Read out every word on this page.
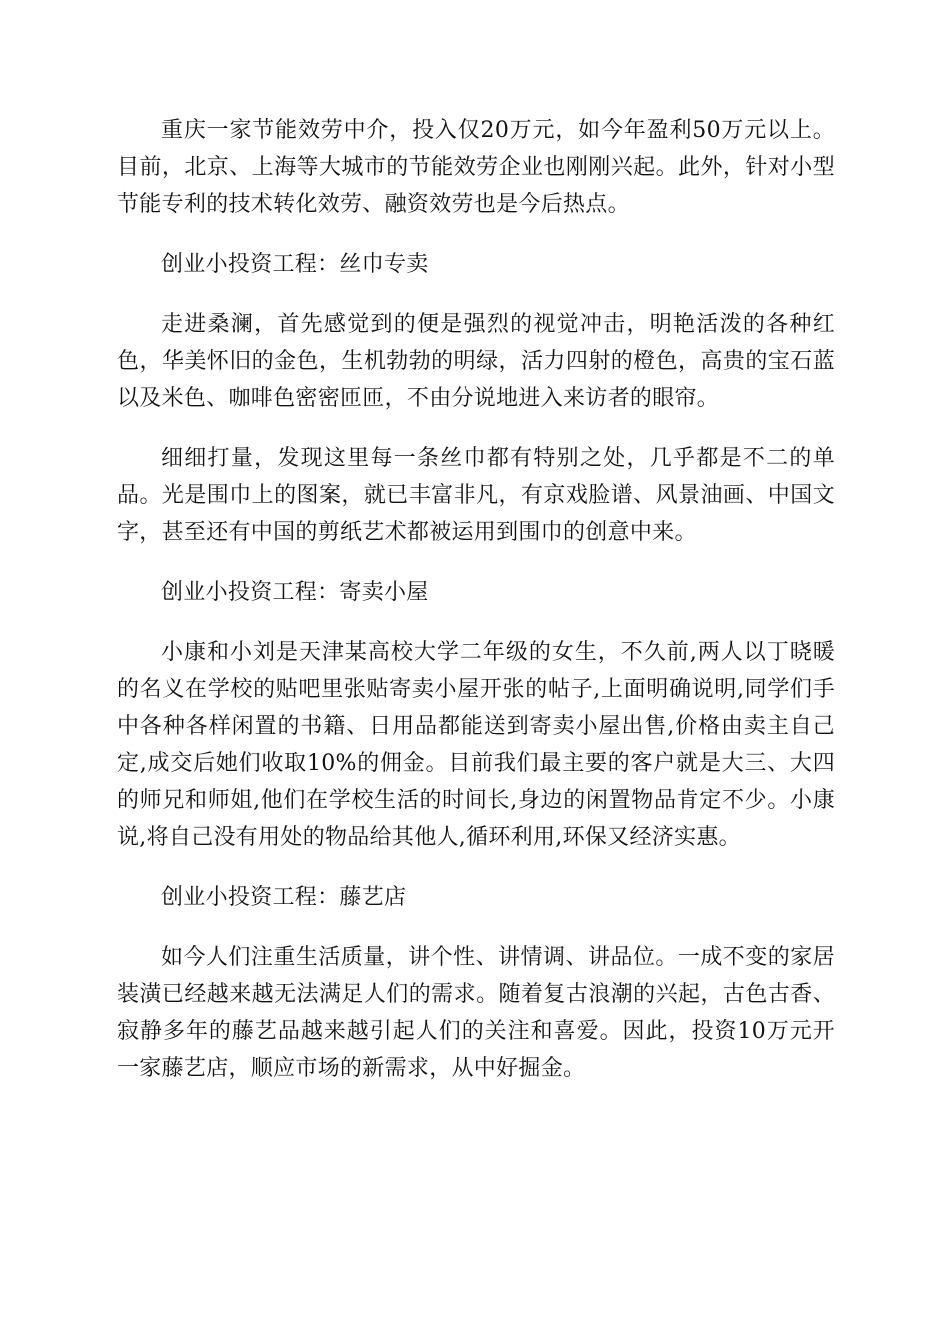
重庆一家节能效劳中介，投入仅20万元，如今年盈利50万元以上。目前，北京、上海等大城市的节能效劳企业也刚刚兴起。此外，针对小型节能专利的技术转化效劳、融资效劳也是今后热点。

创业小投资工程：丝巾专卖

走进桑澜，首先感觉到的便是强烈的视觉冲击，明艳活泼的各种红色，华美怀旧的金色，生机勃勃的明绿，活力四射的橙色，高贵的宝石蓝以及米色、咖啡色密密匝匝，不由分说地进入来访者的眼帘。

细细打量，发现这里每一条丝巾都有特别之处，几乎都是不二的单品。光是围巾上的图案，就已丰富非凡，有京戏脸谱、风景油画、中国文字，甚至还有中国的剪纸艺术都被运用到围巾的创意中来。

创业小投资工程：寄卖小屋

小康和小刘是天津某高校大学二年级的女生，不久前,两人以丁晓暖的名义在学校的贴吧里张贴寄卖小屋开张的帖子,上面明确说明,同学们手中各种各样闲置的书籍、日用品都能送到寄卖小屋出售,价格由卖主自己定,成交后她们收取10%的佣金。目前我们最主要的客户就是大三、大四的师兄和师姐,他们在学校生活的时间长,身边的闲置物品肯定不少。小康说,将自己没有用处的物品给其他人,循环利用,环保又经济实惠。

创业小投资工程：藤艺店

如今人们注重生活质量，讲个性、讲情调、讲品位。一成不变的家居装潢已经越来越无法满足人们的需求。随着复古浪潮的兴起，古色古香、寂静多年的藤艺品越来越引起人们的关注和喜爱。因此，投资10万元开一家藤艺店，顺应市场的新需求，从中好掘金。
